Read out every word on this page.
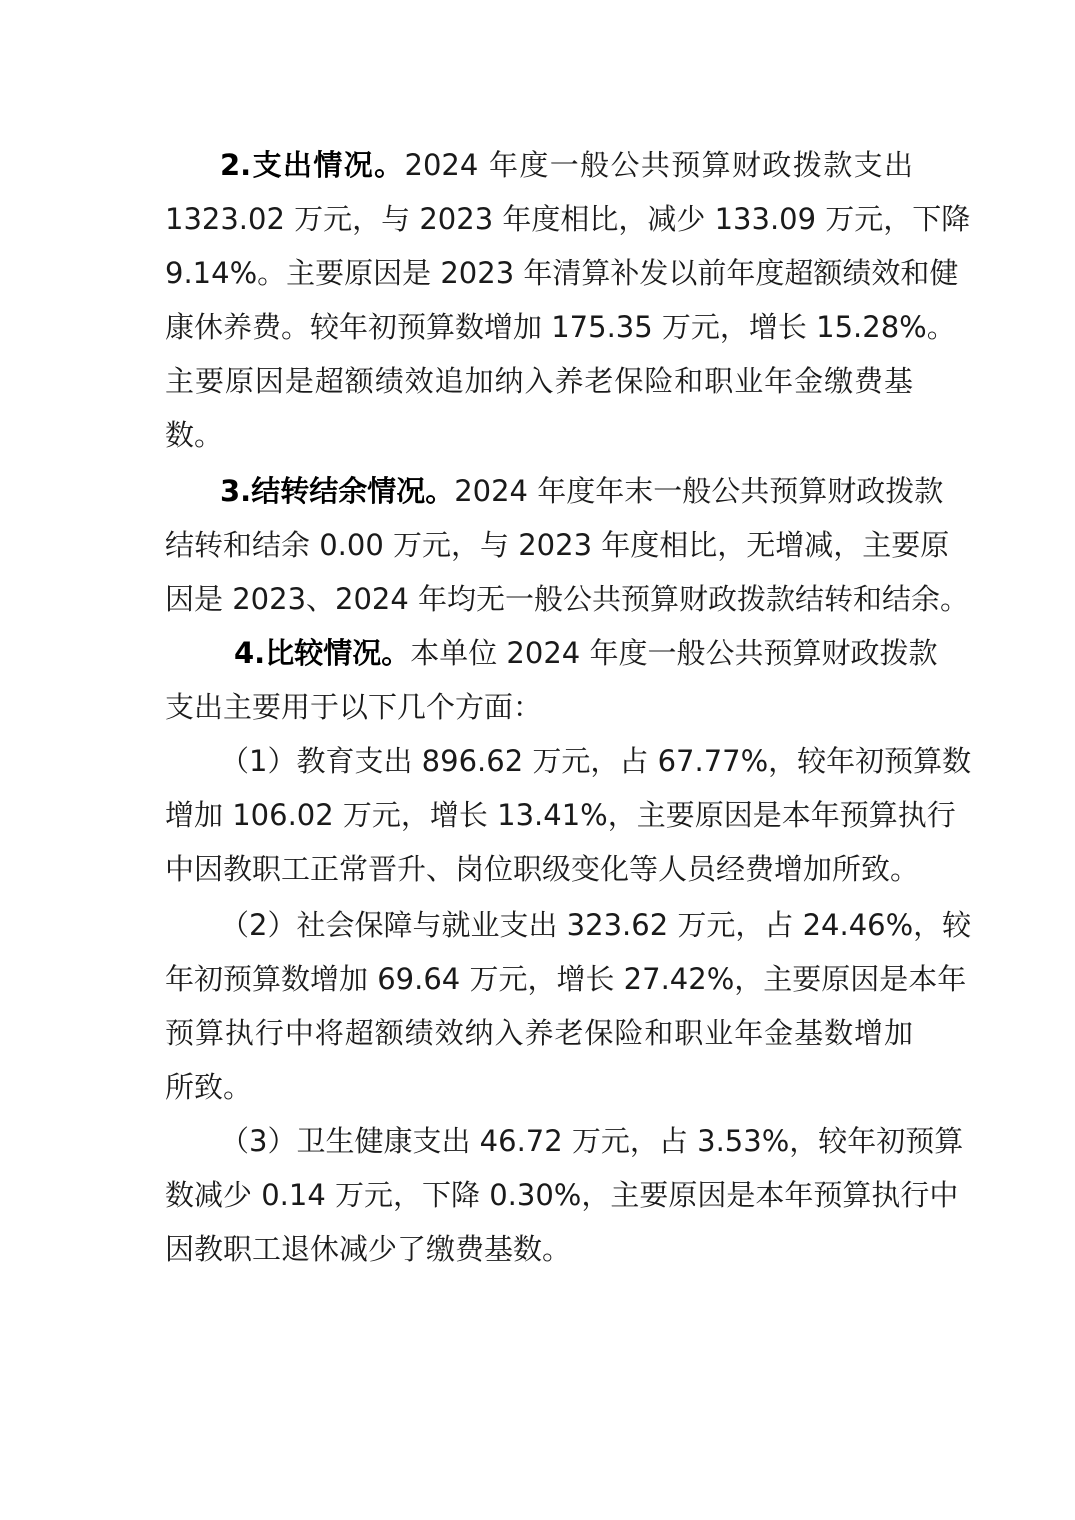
2.支出情况。2024 年度一般公共预算财政拨款支出
1323.02 万元，与 2023 年度相比，减少 133.09 万元，下降
9.14%。主要原因是 2023 年清算补发以前年度超额绩效和健
康休养费。较年初预算数增加 175.35 万元，增长 15.28%。
主要原因是超额绩效追加纳入养老保险和职业年金缴费基
数。
3.结转结余情况。2024 年度年末一般公共预算财政拨款
结转和结余 0.00 万元，与 2023 年度相比，无增减，主要原
因是 2023、2024 年均无一般公共预算财政拨款结转和结余。
4.比较情况。本单位 2024 年度一般公共预算财政拨款
支出主要用于以下几个方面：
（1）教育支出 896.62 万元，占 67.77%，较年初预算数
增加 106.02 万元，增长 13.41%，主要原因是本年预算执行
中因教职工正常晋升、岗位职级变化等人员经费增加所致。
（2）社会保障与就业支出 323.62 万元，占 24.46%，较
年初预算数增加 69.64 万元，增长 27.42%，主要原因是本年
预算执行中将超额绩效纳入养老保险和职业年金基数增加
所致。
（3）卫生健康支出 46.72 万元，占 3.53%，较年初预算
数减少 0.14 万元，下降 0.30%，主要原因是本年预算执行中
因教职工退休减少了缴费基数。
